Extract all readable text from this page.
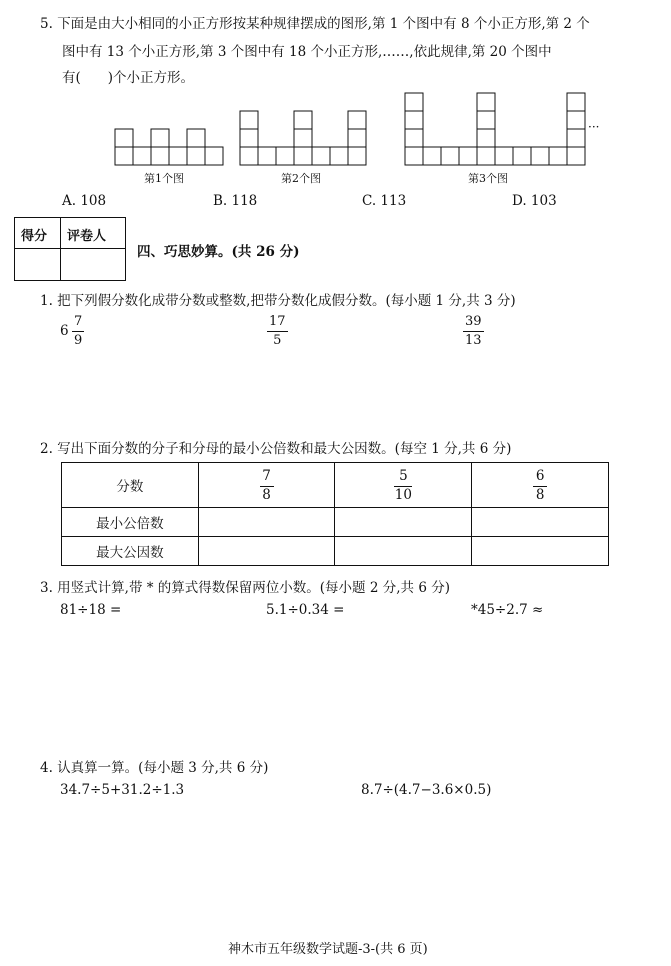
5. 下面是由大小相同的小正方形按某种规律摆成的图形,第 1 个图中有 8 个小正方形,第 2 个
图中有 13 个小正方形,第 3 个图中有 18 个小正方形,……,依此规律,第 20 个图中
有(　　)个小正方形。
···
第1个图	第2个图	第3个图
A. 108	B. 118	C. 113	D. 103
得分 评卷人
四、巧思妙算。(共 26 分)
1. 把下列假分数化成带分数或整数,把带分数化成假分数。(每小题 1 分,共 3 分)
6
7
9
17
5
39
13
2. 写出下面分数的分子和分母的最小公倍数和最大公因数。(每空 1 分,共 6 分)
分数	$\frac{7}{8}$	$\frac{5}{10}$	$\frac{6}{8}$

最小公倍数			
最大公因数			
3. 用竖式计算,带 * 的算式得数保留两位小数。(每小题 2 分,共 6 分)
81÷18 =	5.1÷0.34 =	*45÷2.7 ≈
4. 认真算一算。(每小题 3 分,共 6 分)
34.7÷5+31.2÷1.3	8.7÷(4.7−3.6×0.5)
神木市五年级数学试题-3-(共 6 页)
